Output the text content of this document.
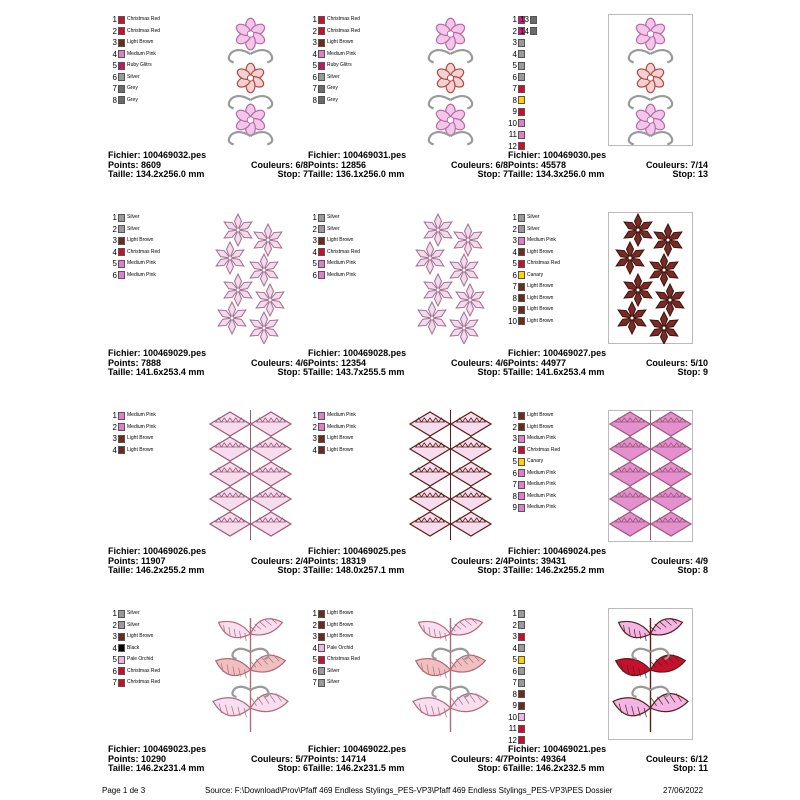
1 Christmas Red
2 Christmas Red
3 Light Brown
4 Medium Pink
5 Ruby Glitrs
6 Silver
7 Grey
8 Grey
Fichier: 100469032.pes
Points: 8609
Taille: 134.2x256.0 mm
Couleurs: 6/8
Stop: 7
1 Christmas Red
2 Christmas Red
3 Light Brown
4 Medium Pink
5 Ruby Glitrs
6 Silver
7 Grey
8 Grey
Fichier: 100469031.pes
Points: 12856
Taille: 136.1x256.0 mm
Couleurs: 6/8
Stop: 7
1
2
3
4
5
6
7
8
9
10
11
12
13
14
Fichier: 100469030.pes
Points: 45578
Taille: 134.3x256.0 mm
Couleurs: 7/14
Stop: 13
1 Silver
2 Silver
3 Light Brown
4 Christmas Red
5 Medium Pink
6 Medium Pink
Fichier: 100469029.pes
Points: 7888
Taille: 141.6x253.4 mm
Couleurs: 4/6
Stop: 5
1 Silver
2 Silver
3 Light Brown
4 Christmas Red
5 Medium Pink
6 Medium Pink
Fichier: 100469028.pes
Points: 12354
Taille: 143.7x255.5 mm
Couleurs: 4/6
Stop: 5
1 Silver
2 Silver
3 Medium Pink
4 Light Brown
5 Christmas Red
6 Canary
7 Light Brown
8 Light Brown
9 Light Brown
10 Light Brown
Fichier: 100469027.pes
Points: 44977
Taille: 141.6x253.4 mm
Couleurs: 5/10
Stop: 9
1 Medium Pink
2 Medium Pink
3 Light Brown
4 Light Brown
Fichier: 100469026.pes
Points: 11907
Taille: 146.2x255.2 mm
Couleurs: 2/4
Stop: 3
1 Medium Pink
2 Medium Pink
3 Light Brown
4 Light Brown
Fichier: 100469025.pes
Points: 18319
Taille: 148.0x257.1 mm
Couleurs: 2/4
Stop: 3
1 Light Brown
2 Light Brown
3 Medium Pink
4 Christmas Red
5 Canary
6 Medium Pink
7 Medium Pink
8 Medium Pink
9 Medium Pink
Fichier: 100469024.pes
Points: 39431
Taille: 146.2x255.2 mm
Couleurs: 4/9
Stop: 8
1 Silver
2 Silver
3 Light Brown
4 Black
5 Pale Orchid
6 Christmas Red
7 Christmas Red
Fichier: 100469023.pes
Points: 10290
Taille: 146.2x231.4 mm
Couleurs: 5/7
Stop: 6
1 Light Brown
2 Light Brown
3 Light Brown
4 Pale Orchid
5 Christmas Red
6 Silver
7 Silver
Fichier: 100469022.pes
Points: 14714
Taille: 146.2x231.5 mm
Couleurs: 4/7
Stop: 6
1
2
3
4
5
6
7
8
9
10
11
12
Fichier: 100469021.pes
Points: 49364
Taille: 146.2x232.5 mm
Couleurs: 6/12
Stop: 11
Page 1 de 3	Source: F:\Download\Prov\Pfaff 469 Endless Stylings_PES-VP3\Pfaff 469 Endless Stylings_PES-VP3\PES Dossier	27/06/2022
